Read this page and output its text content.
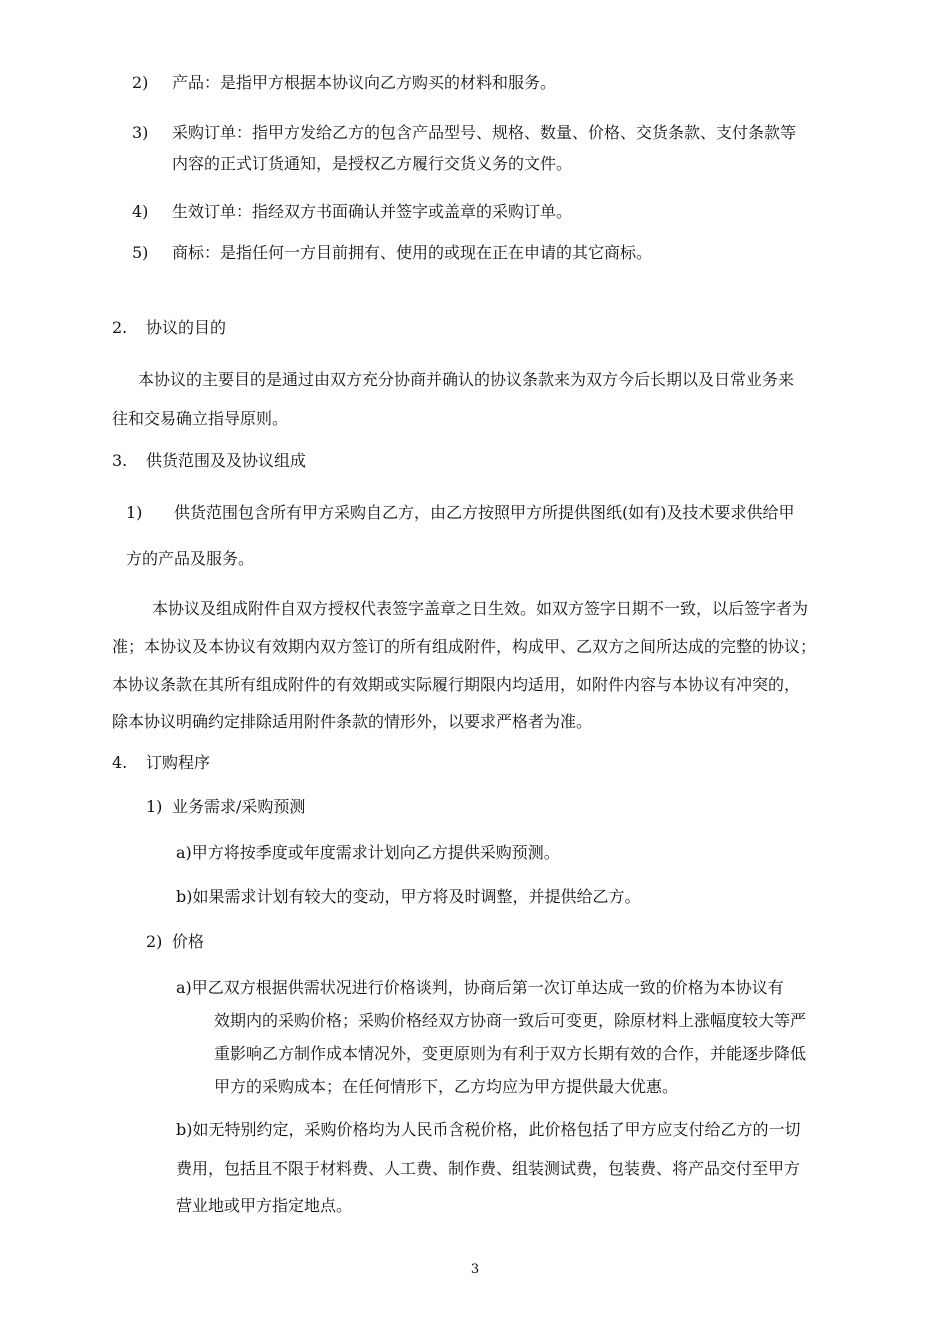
2) 产品：是指甲方根据本协议向乙方购买的材料和服务。
3) 采购订单：指甲方发给乙方的包含产品型号、规格、数量、价格、交货条款、支付条款等
内容的正式订货通知，是授权乙方履行交货义务的文件。
4) 生效订单：指经双方书面确认并签字或盖章的采购订单。
5) 商标：是指任何一方目前拥有、使用的或现在正在申请的其它商标。
2. 协议的目的
本协议的主要目的是通过由双方充分协商并确认的协议条款来为双方今后长期以及日常业务来
往和交易确立指导原则。
3. 供货范围及及协议组成
1) 供货范围包含所有甲方采购自乙方，由乙方按照甲方所提供图纸(如有)及技术要求供给甲
方的产品及服务。
本协议及组成附件自双方授权代表签字盖章之日生效。如双方签字日期不一致，以后签字者为
准；本协议及本协议有效期内双方签订的所有组成附件，构成甲、乙双方之间所达成的完整的协议；
本协议条款在其所有组成附件的有效期或实际履行期限内均适用，如附件内容与本协议有冲突的，
除本协议明确约定排除适用附件条款的情形外，以要求严格者为准。
4. 订购程序
1) 业务需求/采购预测
a)甲方将按季度或年度需求计划向乙方提供采购预测。
b)如果需求计划有较大的变动，甲方将及时调整，并提供给乙方。
2) 价格
a)甲乙双方根据供需状况进行价格谈判，协商后第一次订单达成一致的价格为本协议有
效期内的采购价格；采购价格经双方协商一致后可变更，除原材料上涨幅度较大等严
重影响乙方制作成本情况外，变更原则为有利于双方长期有效的合作，并能逐步降低
甲方的采购成本；在任何情形下，乙方均应为甲方提供最大优惠。
b)如无特别约定，采购价格均为人民币含税价格，此价格包括了甲方应支付给乙方的一切
费用，包括且不限于材料费、人工费、制作费、组装测试费，包装费、将产品交付至甲方
营业地或甲方指定地点。
3
